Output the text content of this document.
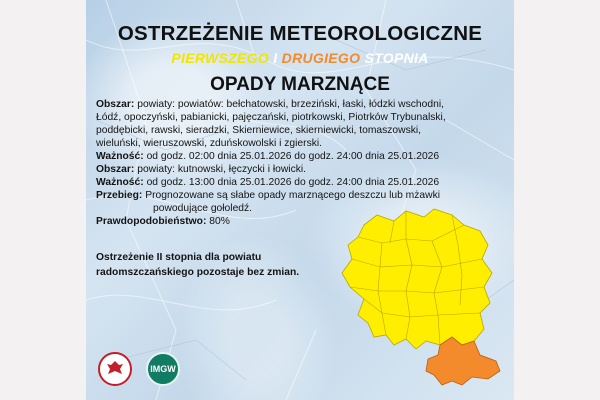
OSTRZEŻENIE METEOROLOGICZNE
PIERWSZEGO I DRUGIEGO STOPNIA
OPADY MARZNĄCE

Obszar: powiaty: powiatów: bełchatowski, brzeziński, łaski, łódzki wschodni,

Łódź, opoczyński, pabianicki, pajęczański, piotrkowski, Piotrków Trybunalski,

poddębicki, rawski, sieradzki, Skierniewice, skierniewicki, tomaszowski,

wieluński, wieruszowski, zduńskowolski i zgierski.

Ważność: od godz. 02:00 dnia 25.01.2026 do godz. 24:00 dnia 25.01.2026

Obszar: powiaty: kutnowski, łęczycki i łowicki.

Ważność: od godz. 13:00 dnia 25.01.2026 do godz. 24:00 dnia 25.01.2026

Przebieg: Prognozowane są słabe opady marznącego deszczu lub mżawki

powodujące gołoledź.

Prawdopodobieństwo: 80%

Ostrzeżenie II stopnia dla powiatu
radomszczańskiego pozostaje bez zmian.
IMGW
